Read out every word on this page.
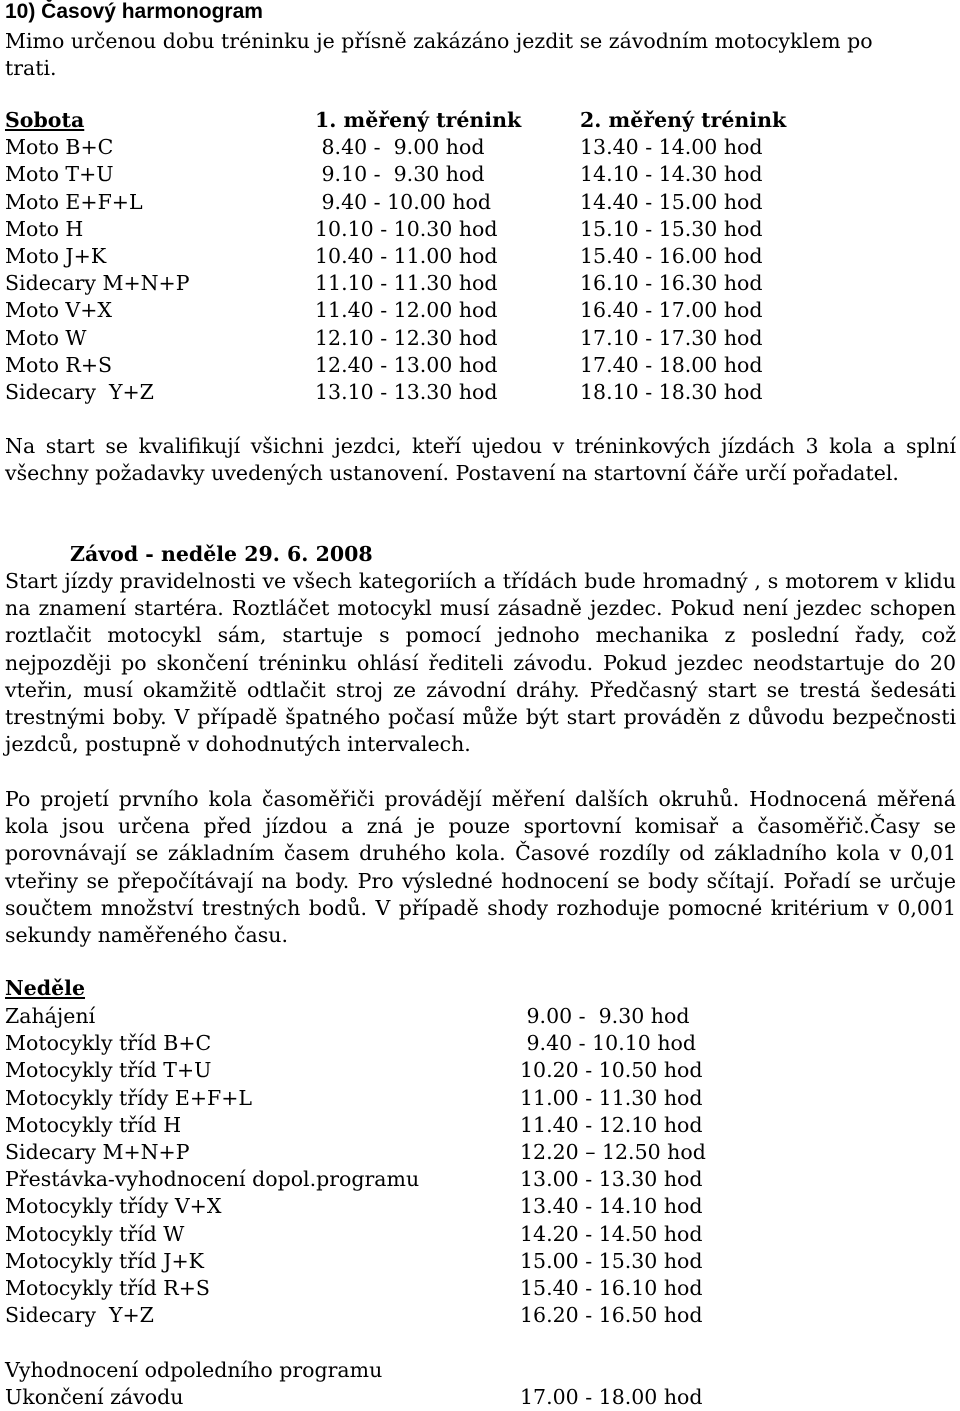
10) Časový harmonogram
Mimo určenou dobu tréninku je přísně zakázáno jezdit se závodním motocyklem po trati.
Sobota	1. měřený trénink	2. měřený trénink
Moto B+C	8.40 -  9.00 hod	13.40 - 14.00 hod
Moto T+U	9.10 -  9.30 hod	14.10 - 14.30 hod
Moto E+F+L	9.40 - 10.00 hod	14.40 - 15.00 hod
Moto H	10.10 - 10.30 hod	15.10 - 15.30 hod
Moto J+K	10.40 - 11.00 hod	15.40 - 16.00 hod
Sidecary M+N+P	11.10 - 11.30 hod	16.10 - 16.30 hod
Moto V+X	11.40 - 12.00 hod	16.40 - 17.00 hod
Moto W	12.10 - 12.30 hod	17.10 - 17.30 hod
Moto R+S	12.40 - 13.00 hod	17.40 - 18.00 hod
Sidecary  Y+Z	13.10 - 13.30 hod	18.10 - 18.30 hod
Na start se kvalifikují všichni jezdci, kteří ujedou v tréninkových jízdách 3 kola a splní všechny požadavky uvedených ustanovení. Postavení na startovní čáře určí pořadatel.
Závod - neděle 29. 6. 2008
Start jízdy pravidelnosti ve všech kategoriích a třídách bude hromadný , s motorem v klidu na znamení startéra. Roztláčet motocykl musí zásadně jezdec. Pokud není jezdec schopen roztlačit motocykl sám, startuje s pomocí jednoho mechanika z poslední řady, což nejpozději po skončení tréninku ohlásí řediteli závodu. Pokud jezdec neodstartuje do 20 vteřin, musí okamžitě odtlačit stroj ze závodní dráhy. Předčasný start se trestá šedesáti trestnými boby. V případě špatného počasí může být start prováděn z důvodu bezpečnosti jezdců, postupně v dohodnutých intervalech.
Po projetí prvního kola časoměřiči provádějí měření dalších okruhů. Hodnocená měřená kola jsou určena před jízdou a zná je pouze sportovní komisař a časoměřič.Časy se porovnávají se základním časem druhého kola. Časové rozdíly od základního kola v 0,01 vteřiny se přepočítávají na body. Pro výsledné hodnocení se body sčítají. Pořadí se určuje součtem množství trestných bodů. V případě shody rozhoduje pomocné kritérium v 0,001 sekundy naměřeného času.
Neděle
Zahájení	9.00 -  9.30 hod
Motocykly tříd B+C	9.40 - 10.10 hod
Motocykly tříd T+U	10.20 - 10.50 hod
Motocykly třídy E+F+L	11.00 - 11.30 hod
Motocykly tříd H	11.40 - 12.10 hod
Sidecary M+N+P	12.20 – 12.50 hod
Přestávka-vyhodnocení dopol.programu	13.00 - 13.30 hod
Motocykly třídy V+X	13.40 - 14.10 hod
Motocykly tříd W	14.20 - 14.50 hod
Motocykly tříd J+K	15.00 - 15.30 hod
Motocykly tříd R+S	15.40 - 16.10 hod
Sidecary  Y+Z	16.20 - 16.50 hod

Vyhodnocení odpoledního programu	
Ukončení závodu	17.00 - 18.00 hod
